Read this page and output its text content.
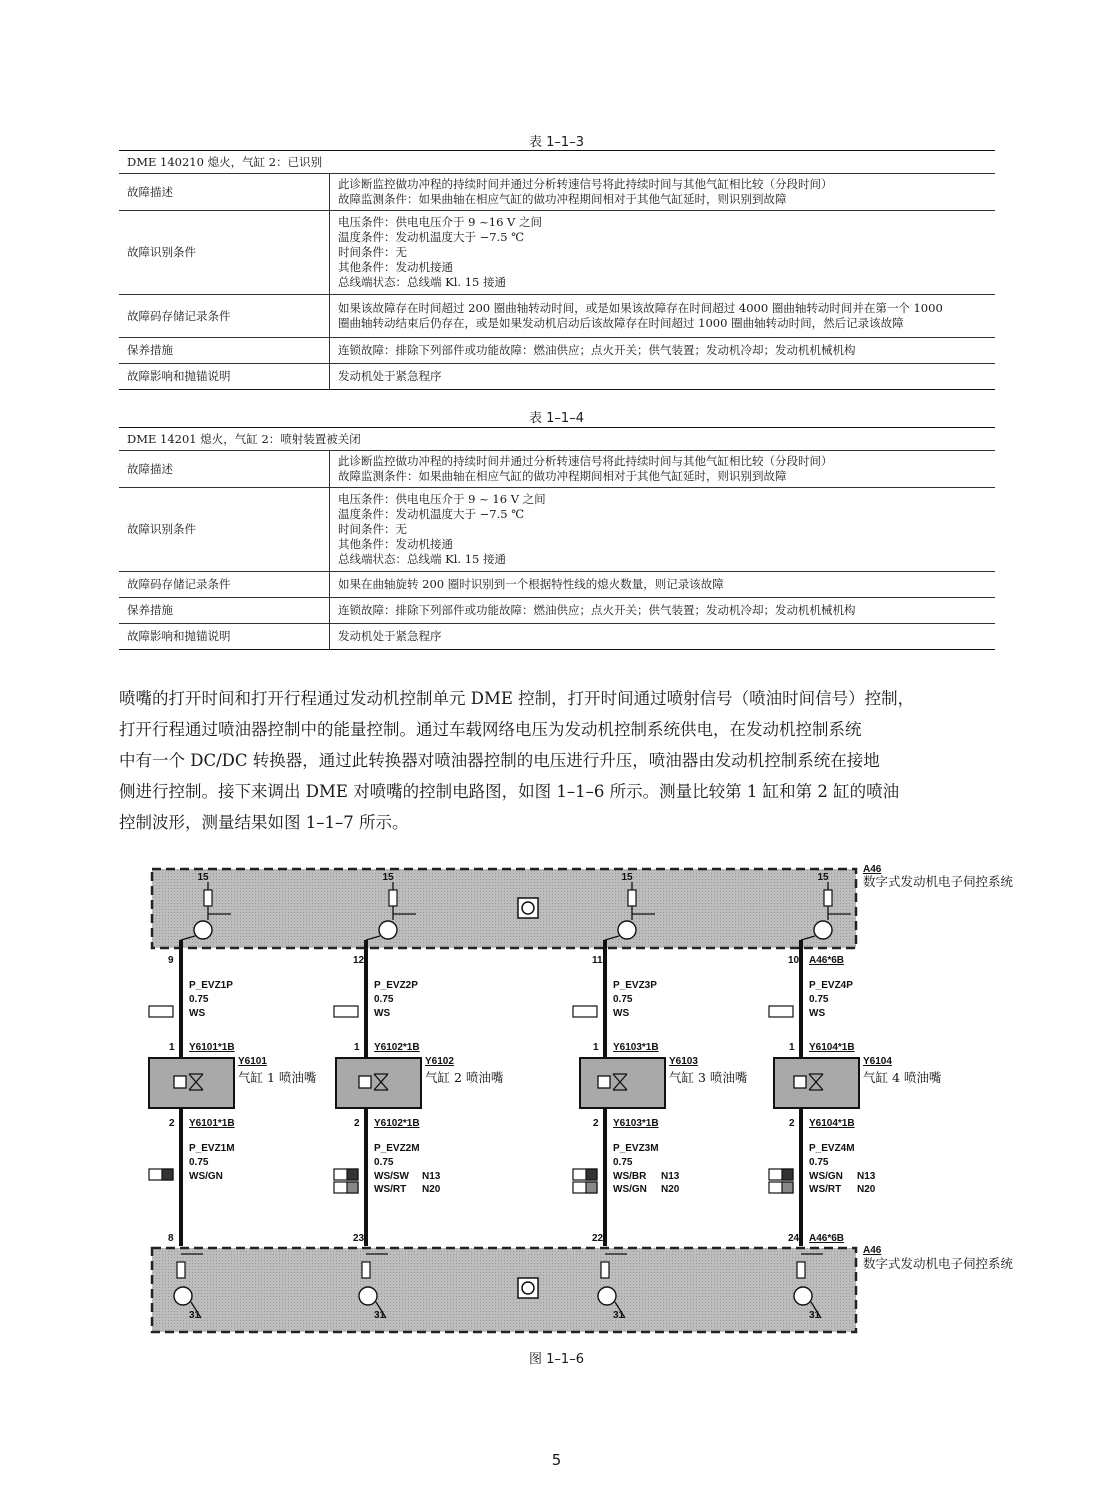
表 1–1–3
DME 140210 熄火，气缸 2：已识别	
故障描述	此诊断监控做功冲程的持续时间并通过分析转速信号将此持续时间与其他气缸相比较（分段时间）
故障监测条件：如果曲轴在相应气缸的做功冲程期间相对于其他气缸延时，则识别到故障

故障识别条件	电压条件：供电电压介于 9 ~16 V 之间
温度条件：发动机温度大于 −7.5 ℃
时间条件：无
其他条件：发动机接通
总线端状态：总线端 Kl. 15 接通

故障码存储记录条件	如果该故障存在时间超过 200 圈曲轴转动时间，或是如果该故障存在时间超过 4000 圈曲轴转动时间并在第一个 1000
圈曲轴转动结束后仍存在，或是如果发动机启动后该故障存在时间超过 1000 圈曲轴转动时间，然后记录该故障

保养措施	连锁故障：排除下列部件或功能故障：燃油供应；点火开关；供气装置；发动机冷却；发动机机械机构

故障影响和抛锚说明	发动机处于紧急程序
表 1–1–4
DME 14201 熄火，气缸 2：喷射装置被关闭	
故障描述	此诊断监控做功冲程的持续时间并通过分析转速信号将此持续时间与其他气缸相比较（分段时间）
故障监测条件：如果曲轴在相应气缸的做功冲程期间相对于其他气缸延时，则识别到故障

故障识别条件	电压条件：供电电压介于 9 ~ 16 V 之间
温度条件：发动机温度大于 −7.5 ℃
时间条件：无
其他条件：发动机接通
总线端状态：总线端 Kl. 15 接通

故障码存储记录条件	如果在曲轴旋转 200 圈时识别到一个根据特性线的熄火数量，则记录该故障

保养措施	连锁故障：排除下列部件或功能故障：燃油供应；点火开关；供气装置；发动机冷却；发动机机械机构

故障影响和抛锚说明	发动机处于紧急程序

喷嘴的打开时间和打开行程通过发动机控制单元 DME 控制，打开时间通过喷射信号（喷油时间信号）控制，

打开行程通过喷油器控制中的能量控制。通过车载网络电压为发动机控制系统供电，在发动机控制系统

中有一个 DC/DC 转换器，通过此转换器对喷油器控制的电压进行升压，喷油器由发动机控制系统在接地

侧进行控制。接下来调出 DME 对喷嘴的控制电路图，如图 1–1–6 所示。测量比较第 1 缸和第 2 缸的喷油

控制波形，测量结果如图 1–1–7 所示。

A46
数字式发动机电子伺控系统
A46
数字式发动机电子伺控系统
15
31
9
P_EVZ1P
0.75
WS
1 Y6101*1B
Y6101
气缸 1 喷油嘴
2 Y6101*1B
P_EVZ1M
0.75
WS/GN
8
15
31
12
P_EVZ2P
0.75
WS
1 Y6102*1B
Y6102
气缸 2 喷油嘴
2 Y6102*1B
P_EVZ2M
0.75
WS/SW N13
WS/RT N20
23
15
31
11
P_EVZ3P
0.75
WS
1 Y6103*1B
Y6103
气缸 3 喷油嘴
2 Y6103*1B
P_EVZ3M
0.75
WS/BR N13
WS/GN N20
22
15
31
10 A46*6B
P_EVZ4P
0.75
WS
1 Y6104*1B
Y6104
气缸 4 喷油嘴
2 Y6104*1B
P_EVZ4M
0.75
WS/GN N13
WS/RT N20
24 A46*6B
图 1–1–6
5
